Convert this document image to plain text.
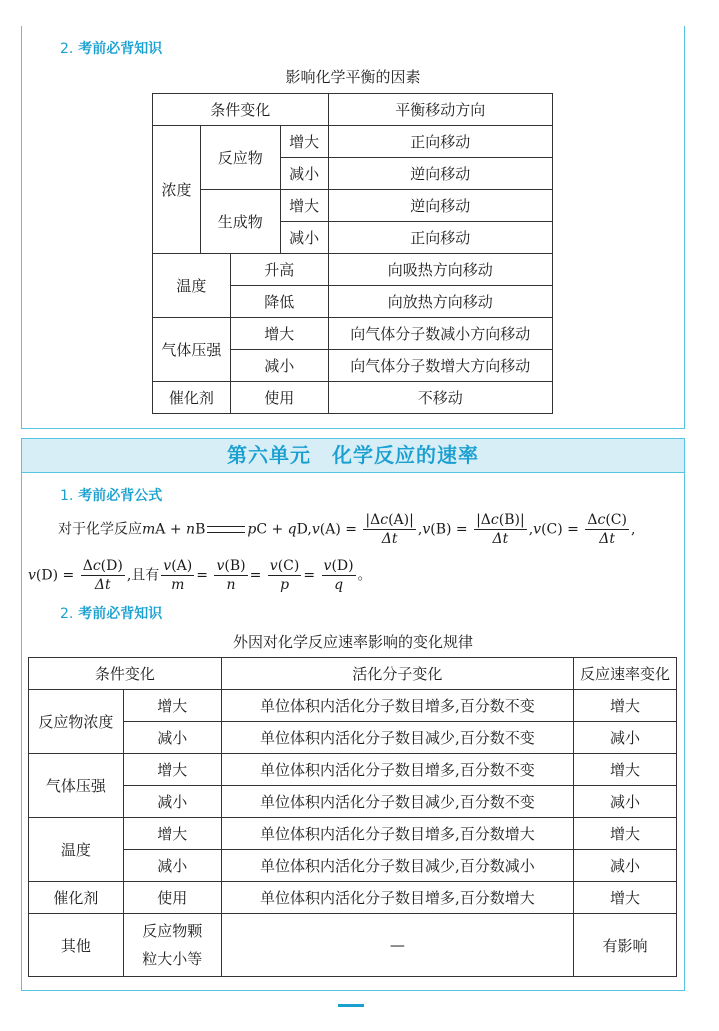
2. 考前必背知识
影响化学平衡的因素
条件变化				平衡移动方向
浓度	反应物		增大	正向移动
			减小	逆向移动
	生成物		增大	逆向移动
			减小	正向移动
温度		升高		向吸热方向移动
		降低		向放热方向移动
气体压强		增大		向气体分子数减小方向移动
		减小		向气体分子数增大方向移动
催化剂		使用		不移动
第六单元　化学反应的速率
1. 考前必背公式
对于化学反应mA + nB	pC + $qD,v(A) = \frac{|\Delta c(A)|}{\Delta t} ,v(B) = \frac{|\Delta c(B)|}{\Delta t} ,v(C) = \frac{\Delta c(C)}{\Delta t}$ ,
$v(D) = \frac{\Delta c(D)}{\Delta t}$ ,且有 $\frac{v(A)}{m} = \frac{v(B)}{n} = \frac{v(C)}{p} = \frac{v(D)}{q}$ 。
2. 考前必背知识
外因对化学反应速率影响的变化规律
条件变化		活化分子变化	反应速率变化
反应物浓度	增大	单位体积内活化分子数目增多,百分数不变	增大
	减小	单位体积内活化分子数目减少,百分数不变	减小
气体压强	增大	单位体积内活化分子数目增多,百分数不变	增大
	减小	单位体积内活化分子数目减少,百分数不变	减小
温度	增大	单位体积内活化分子数目增多,百分数增大	增大
	减小	单位体积内活化分子数目减少,百分数减小	减小
催化剂	使用	单位体积内活化分子数目增多,百分数增大	增大
其他	反应物颗
粒大小等	—	有影响
